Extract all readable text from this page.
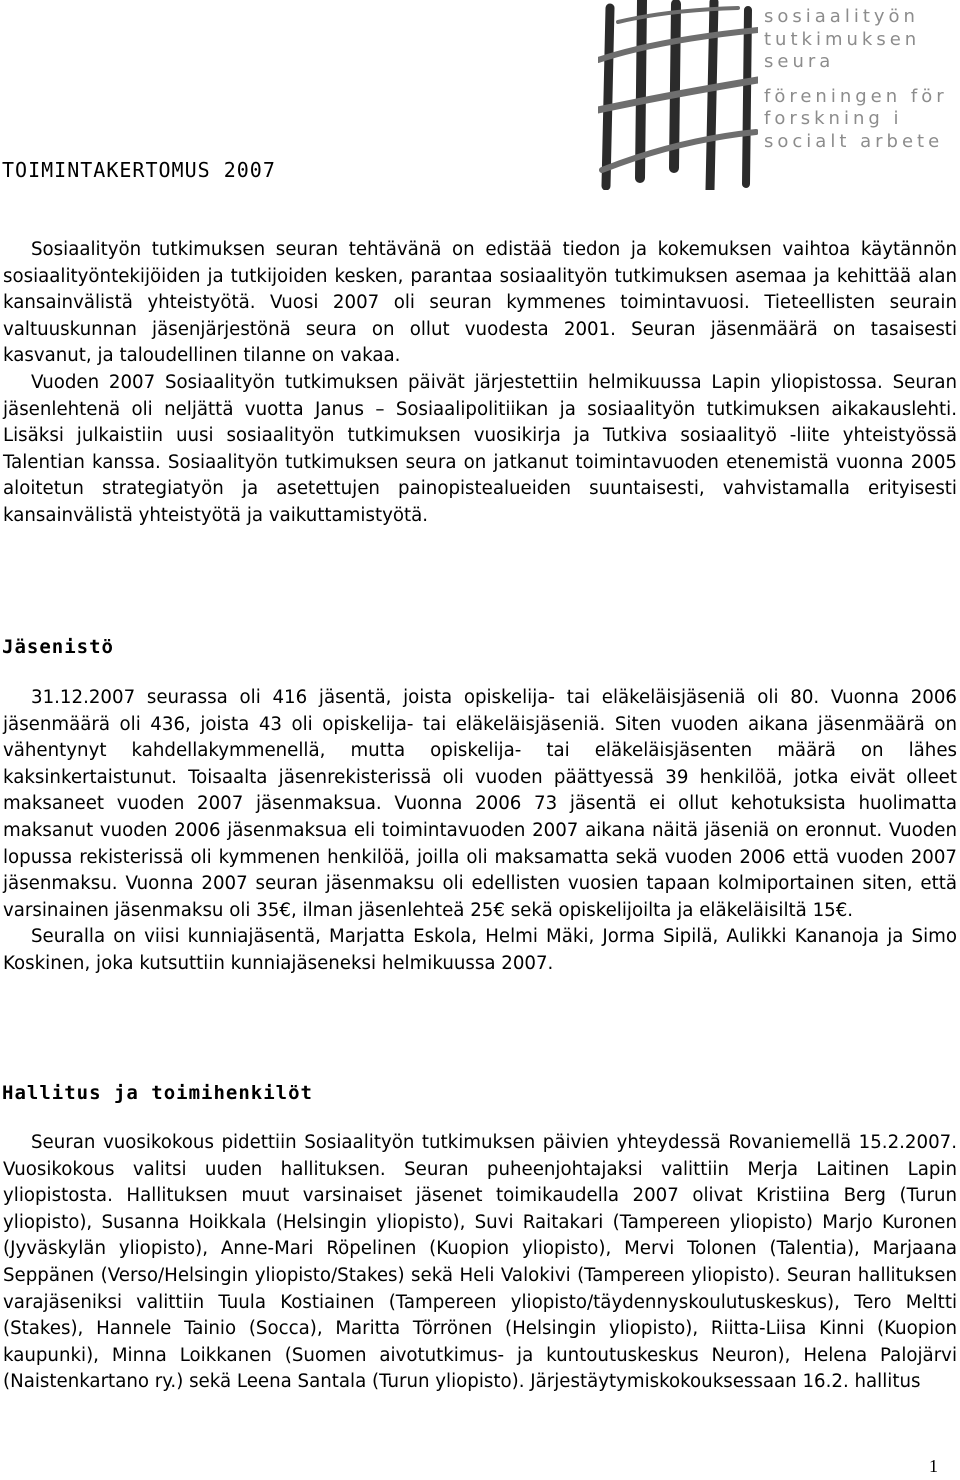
sosiaalityön
tutkimuksen
seura
föreningen för
forskning i
socialt arbete
TOIMINTAKERTOMUS 2007

Sosiaalityön tutkimuksen seuran tehtävänä on edistää tiedon ja kokemuksen vaihtoa käytännön sosiaalityöntekijöiden ja tutkijoiden kesken, parantaa sosiaalityön tutkimuksen asemaa ja kehittää alan kansainvälistä yhteistyötä. Vuosi 2007 oli seuran kymmenes toimintavuosi. Tieteellisten seurain valtuuskunnan jäsenjärjestönä seura on ollut vuodesta 2001. Seuran jäsenmäärä on tasaisesti kasvanut, ja taloudellinen tilanne on vakaa.

Vuoden 2007 Sosiaalityön tutkimuksen päivät järjestettiin helmikuussa Lapin yliopistossa. Seuran jäsenlehtenä oli neljättä vuotta Janus – Sosiaalipolitiikan ja sosiaalityön tutkimuksen aikakauslehti. Lisäksi julkaistiin uusi sosiaalityön tutkimuksen vuosikirja ja Tutkiva sosiaalityö -liite yhteistyössä Talentian kanssa. Sosiaalityön tutkimuksen seura on jatkanut toimintavuoden etenemistä vuonna 2005 aloitetun strategiatyön ja asetettujen painopistealueiden suuntaisesti, vahvistamalla erityisesti kansainvälistä yhteistyötä ja vaikuttamistyötä.

Jäsenistö

31.12.2007 seurassa oli 416 jäsentä, joista opiskelija- tai eläkeläisjäseniä oli 80. Vuonna 2006 jäsenmäärä oli 436, joista 43 oli opiskelija- tai eläkeläisjäseniä. Siten vuoden aikana jäsenmäärä on vähentynyt kahdellakymmenellä, mutta opiskelija- tai eläkeläisjäsenten määrä on lähes kaksinkertaistunut. Toisaalta jäsenrekisterissä oli vuoden päättyessä 39 henkilöä, jotka eivät olleet maksaneet vuoden 2007 jäsenmaksua. Vuonna 2006 73 jäsentä ei ollut kehotuksista huolimatta maksanut vuoden 2006 jäsenmaksua eli toimintavuoden 2007 aikana näitä jäseniä on eronnut. Vuoden lopussa rekisterissä oli kymmenen henkilöä, joilla oli maksamatta sekä vuoden 2006 että vuoden 2007 jäsenmaksu. Vuonna 2007 seuran jäsenmaksu oli edellisten vuosien tapaan kolmiportainen siten, että varsinainen jäsenmaksu oli 35€, ilman jäsenlehteä 25€ sekä opiskelijoilta ja eläkeläisiltä 15€.

Seuralla on viisi kunniajäsentä, Marjatta Eskola, Helmi Mäki, Jorma Sipilä, Aulikki Kananoja ja Simo Koskinen, joka kutsuttiin kunniajäseneksi helmikuussa 2007.

Hallitus ja toimihenkilöt

Seuran vuosikokous pidettiin Sosiaalityön tutkimuksen päivien yhteydessä Rovaniemellä 15.2.2007. Vuosikokous valitsi uuden hallituksen. Seuran puheenjohtajaksi valittiin Merja Laitinen Lapin yliopistosta. Hallituksen muut varsinaiset jäsenet toimikaudella 2007 olivat Kristiina Berg (Turun yliopisto), Susanna Hoikkala (Helsingin yliopisto), Suvi Raitakari (Tampereen yliopisto) Marjo Kuronen (Jyväskylän yliopisto), Anne-Mari Röpelinen (Kuopion yliopisto), Mervi Tolonen (Talentia), Marjaana Seppänen (Verso/Helsingin yliopisto/Stakes) sekä Heli Valokivi (Tampereen yliopisto). Seuran hallituksen varajäseniksi valittiin Tuula Kostiainen (Tampereen yliopisto/täydennyskoulutuskeskus), Tero Meltti (Stakes), Hannele Tainio (Socca), Maritta Törrönen (Helsingin yliopisto), Riitta-Liisa Kinni (Kuopion kaupunki), Minna Loikkanen (Suomen aivotutkimus- ja kuntoutuskeskus Neuron), Helena Palojärvi (Naistenkartano ry.) sekä Leena Santala (Turun yliopisto). Järjestäytymiskokouksessaan 16.2. hallitus

1
